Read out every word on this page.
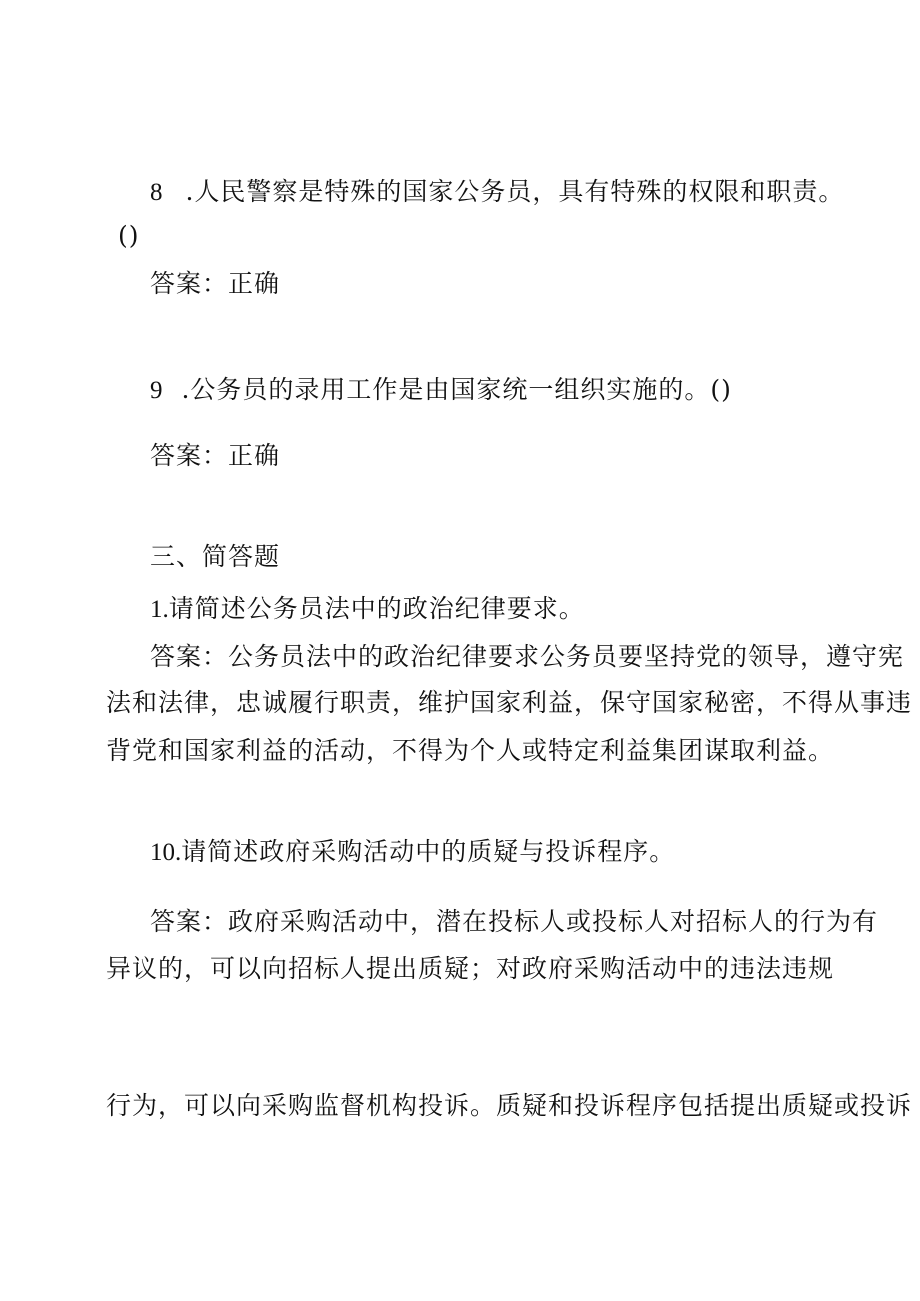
8 .人民警察是特殊的国家公务员，具有特殊的权限和职责。
()
答案：正确
9 .公务员的录用工作是由国家统一组织实施的。()
答案：正确
三、简答题
1.请简述公务员法中的政治纪律要求。
答案：公务员法中的政治纪律要求公务员要坚持党的领导，遵守宪
法和法律，忠诚履行职责，维护国家利益，保守国家秘密，不得从事违
背党和国家利益的活动，不得为个人或特定利益集团谋取利益。
10.请简述政府采购活动中的质疑与投诉程序。
答案：政府采购活动中，潜在投标人或投标人对招标人的行为有
异议的，可以向招标人提出质疑；对政府采购活动中的违法违规
行为，可以向采购监督机构投诉。质疑和投诉程序包括提出质疑或投诉
